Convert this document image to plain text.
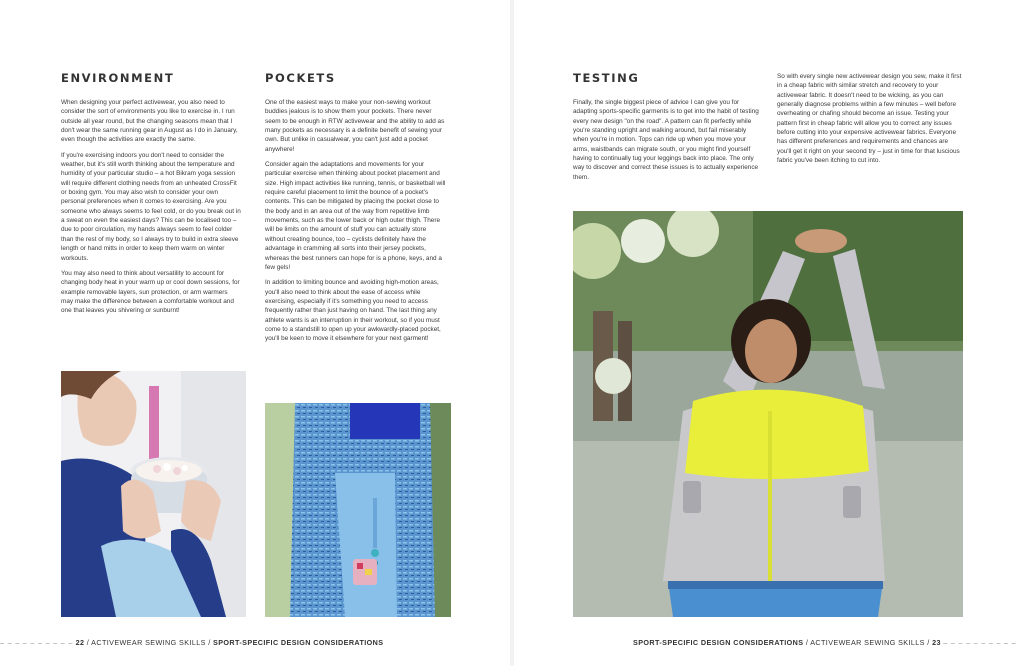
ENVIRONMENT

When designing your perfect activewear, you also need to consider the sort of environments you like to exercise in. I run outside all year round, but the changing seasons mean that I don't wear the same running gear in August as I do in January, even though the activities are exactly the same.

If you're exercising indoors you don't need to consider the weather, but it's still worth thinking about the temperature and humidity of your particular studio – a hot Bikram yoga session will require different clothing needs from an unheated CrossFit or boxing gym. You may also wish to consider your own personal preferences when it comes to exercising. Are you someone who always seems to feel cold, or do you break out in a sweat on even the easiest days? This can be localised too – due to poor circulation, my hands always seem to feel colder than the rest of my body, so I always try to build in extra sleeve length or hand mitts in order to keep them warm on winter workouts.

You may also need to think about versatility to account for changing body heat in your warm up or cool down sessions, for example removable layers, sun protection, or arm warmers may make the difference between a comfortable workout and one that leaves you shivering or sunburnt!

POCKETS

One of the easiest ways to make your non-sewing workout buddies jealous is to show them your pockets. There never seem to be enough in RTW activewear and the ability to add as many pockets as necessary is a definite benefit of sewing your own. But unlike in casualwear, you can't just add a pocket anywhere!

Consider again the adaptations and movements for your particular exercise when thinking about pocket placement and size. High impact activities like running, tennis, or basketball will require careful placement to limit the bounce of a pocket's contents. This can be mitigated by placing the pocket close to the body and in an area out of the way from repetitive limb movements, such as the lower back or high outer thigh. There will be limits on the amount of stuff you can actually store without creating bounce, too – cyclists definitely have the advantage in cramming all sorts into their jersey pockets, whereas the best runners can hope for is a phone, keys, and a few gels!

In addition to limiting bounce and avoiding high-motion areas, you'll also need to think about the ease of access while exercising, especially if it's something you need to access frequently rather than just having on hand. The last thing any athlete wants is an interruption in their workout, so if you must come to a standstill to open up your awkwardly-placed pocket, you'll be keen to move it elsewhere for your next garment!

– – – – – – – – – – 22 / ACTIVEWEAR SEWING SKILLS / SPORT-SPECIFIC DESIGN CONSIDERATIONS
TESTING

Finally, the single biggest piece of advice I can give you for adapting sports-specific garments is to get into the habit of testing every new design "on the road". A pattern can fit perfectly while you're standing upright and walking around, but fail miserably when you're in motion. Tops can ride up when you move your arms, waistbands can migrate south, or you might find yourself having to continually tug your leggings back into place. The only way to discover and correct these issues is to actually experience them.

So with every single new activewear design you sew, make it first in a cheap fabric with similar stretch and recovery to your activewear fabric. It doesn't need to be wicking, as you can generally diagnose problems within a few minutes – well before overheating or chafing should become an issue. Testing your pattern first in cheap fabric will allow you to correct any issues before cutting into your expensive activewear fabrics. Everyone has different preferences and requirements and chances are you'll get it right on your second try – just in time for that luscious fabric you've been itching to cut into.

SPORT-SPECIFIC DESIGN CONSIDERATIONS / ACTIVEWEAR SEWING SKILLS / 23 – – – – – – – – – –
